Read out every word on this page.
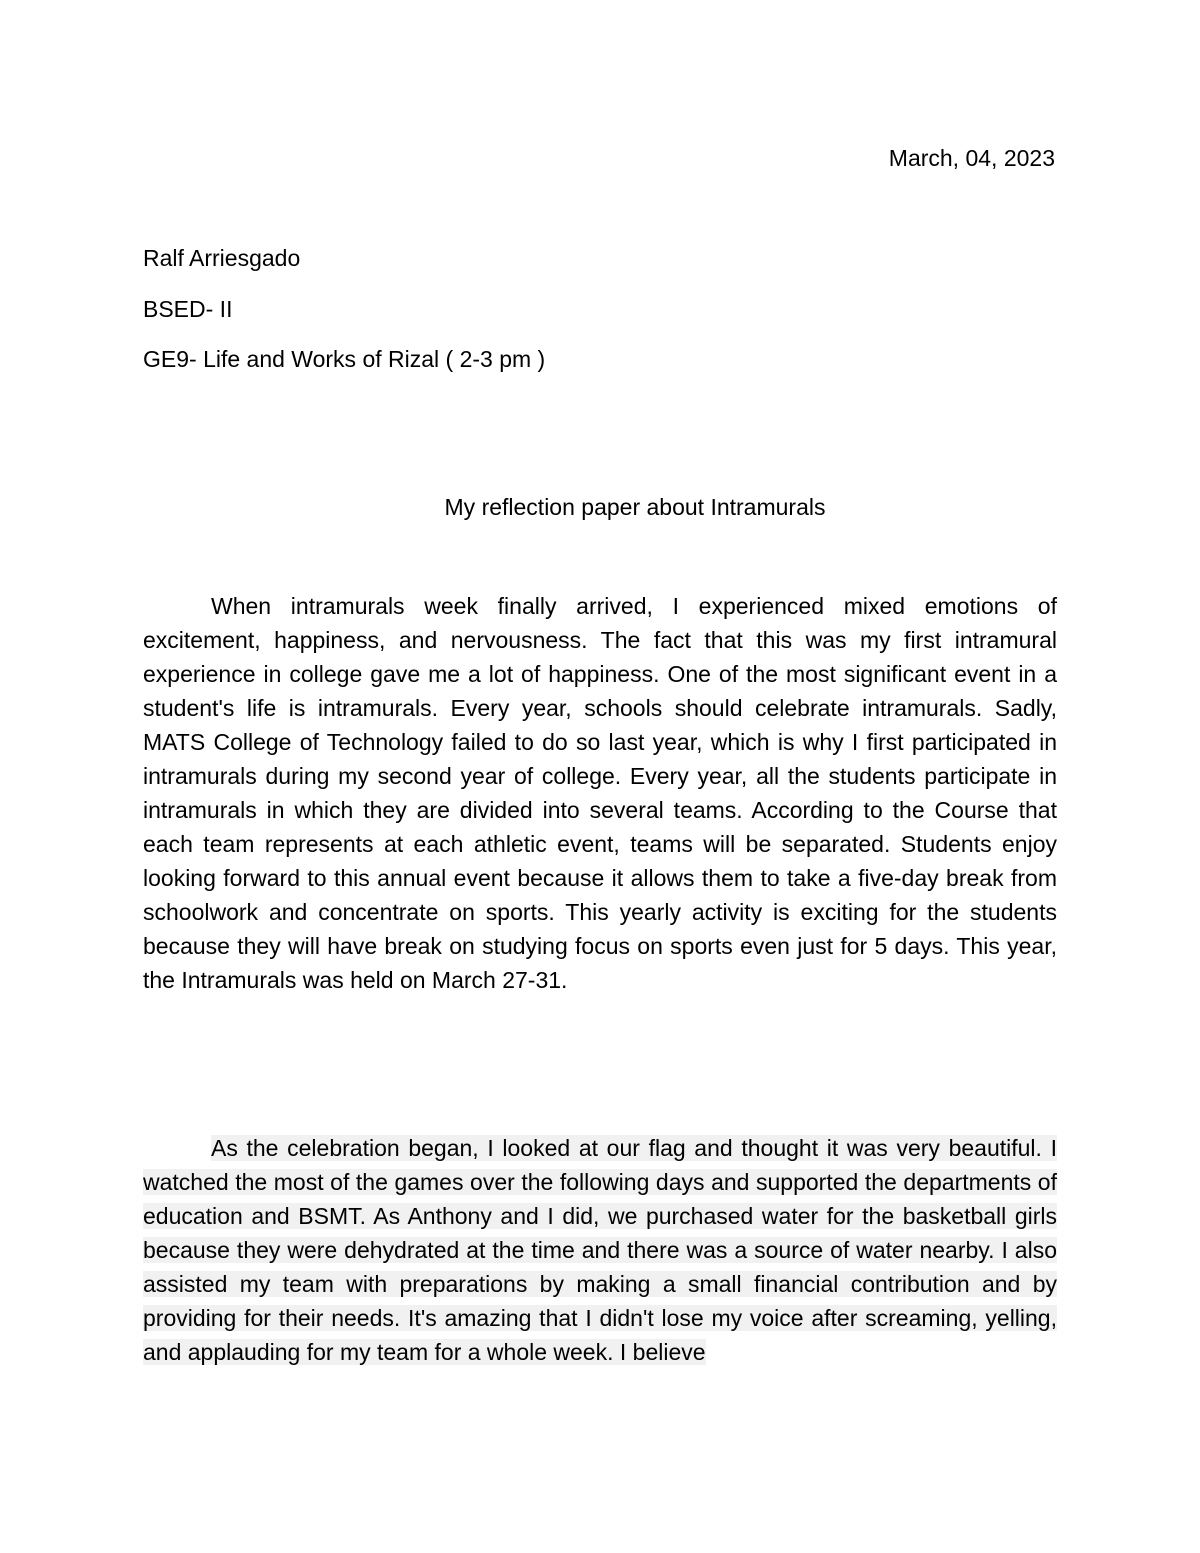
March, 04, 2023
Ralf Arriesgado
BSED- II
GE9- Life and Works of Rizal ( 2-3 pm )
My reflection paper about Intramurals

When intramurals week finally arrived, I experienced mixed emotions of excitement, happiness, and nervousness. The fact that this was my first intramural experience in college gave me a lot of happiness. One of the most significant event in a student's life is intramurals. Every year, schools should celebrate intramurals. Sadly, MATS College of Technology failed to do so last year, which is why I first participated in intramurals during my second year of college. Every year, all the students participate in intramurals in which they are divided into several teams. According to the Course that each team represents at each athletic event, teams will be separated. Students enjoy looking forward to this annual event because it allows them to take a five-day break from schoolwork and concentrate on sports. This yearly activity is exciting for the students because they will have break on studying focus on sports even just for 5 days. This year, the Intramurals was held on March 27-31.

As the celebration began, I looked at our flag and thought it was very beautiful. I watched the most of the games over the following days and supported the departments of education and BSMT. As Anthony and I did, we purchased water for the basketball girls because they were dehydrated at the time and there was a source of water nearby. I also assisted my team with preparations by making a small financial contribution and by providing for their needs. It's amazing that I didn't lose my voice after screaming, yelling, and applauding for my team for a whole week. I believe
